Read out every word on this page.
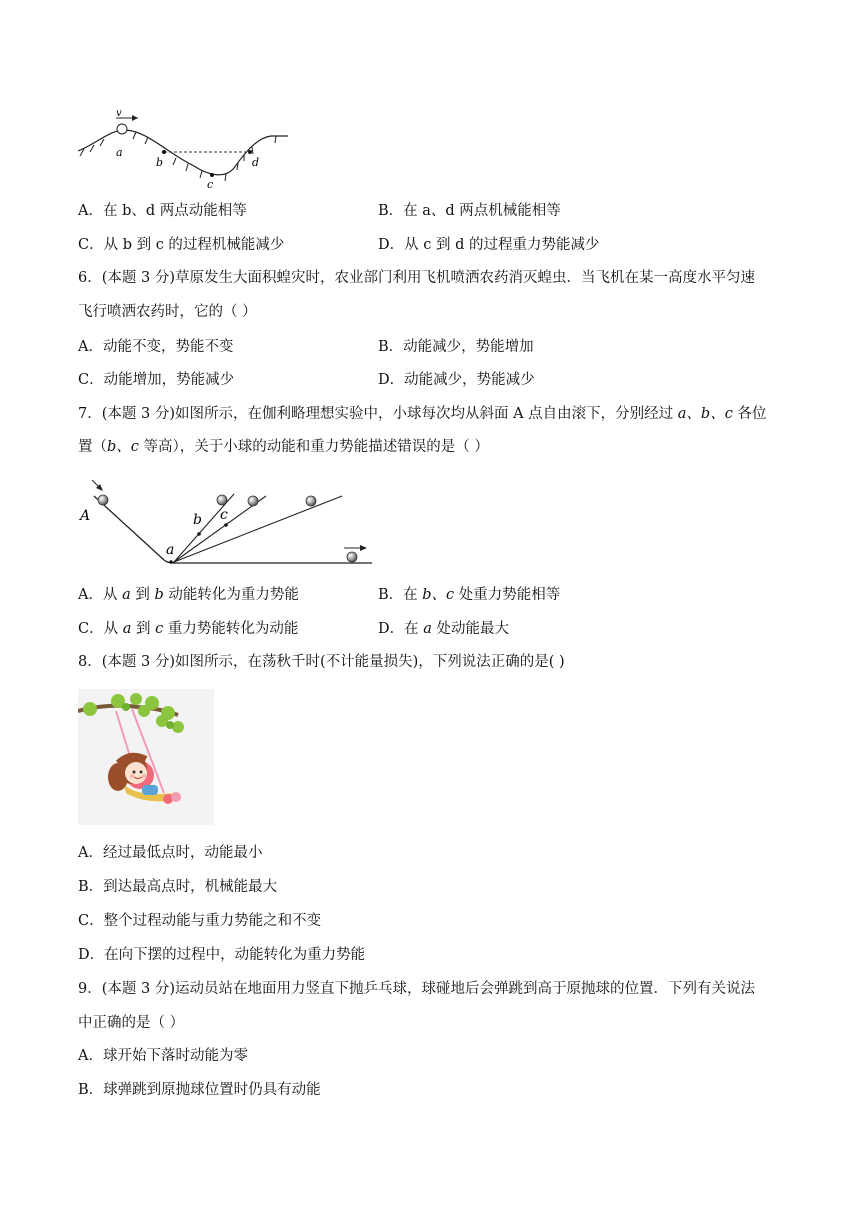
v
a
b
c
d
A．在 b、d 两点动能相等	B．在 a、d 两点机械能相等
C．从 b 到 c 的过程机械能减少	D．从 c 到 d 的过程重力势能减少
6．(本题 3 分)草原发生大面积蝗灾时，农业部门利用飞机喷洒农药消灭蝗虫．当飞机在某一高度水平匀速
飞行喷洒农药时，它的（ ）
A．动能不变，势能不变	B．动能减少，势能增加
C．动能增加，势能减少	D．动能减少，势能减少
7．(本题 3 分)如图所示，在伽利略理想实验中，小球每次均从斜面 A 点自由滚下，分别经过 a、b、c 各位
置（b、c 等高），关于小球的动能和重力势能描述错误的是（ ）
A
a
b c
A．从 a 到 b 动能转化为重力势能	B．在 b、c 处重力势能相等
C．从 a 到 c 重力势能转化为动能	D．在 a 处动能最大
8．(本题 3 分)如图所示，在荡秋千时(不计能量损失)，下列说法正确的是( )
A．经过最低点时，动能最小
B．到达最高点时，机械能最大
C．整个过程动能与重力势能之和不变
D．在向下摆的过程中，动能转化为重力势能
9．(本题 3 分)运动员站在地面用力竖直下抛乒乓球，球碰地后会弹跳到高于原抛球的位置．下列有关说法
中正确的是（ ）
A．球开始下落时动能为零
B．球弹跳到原抛球位置时仍具有动能
